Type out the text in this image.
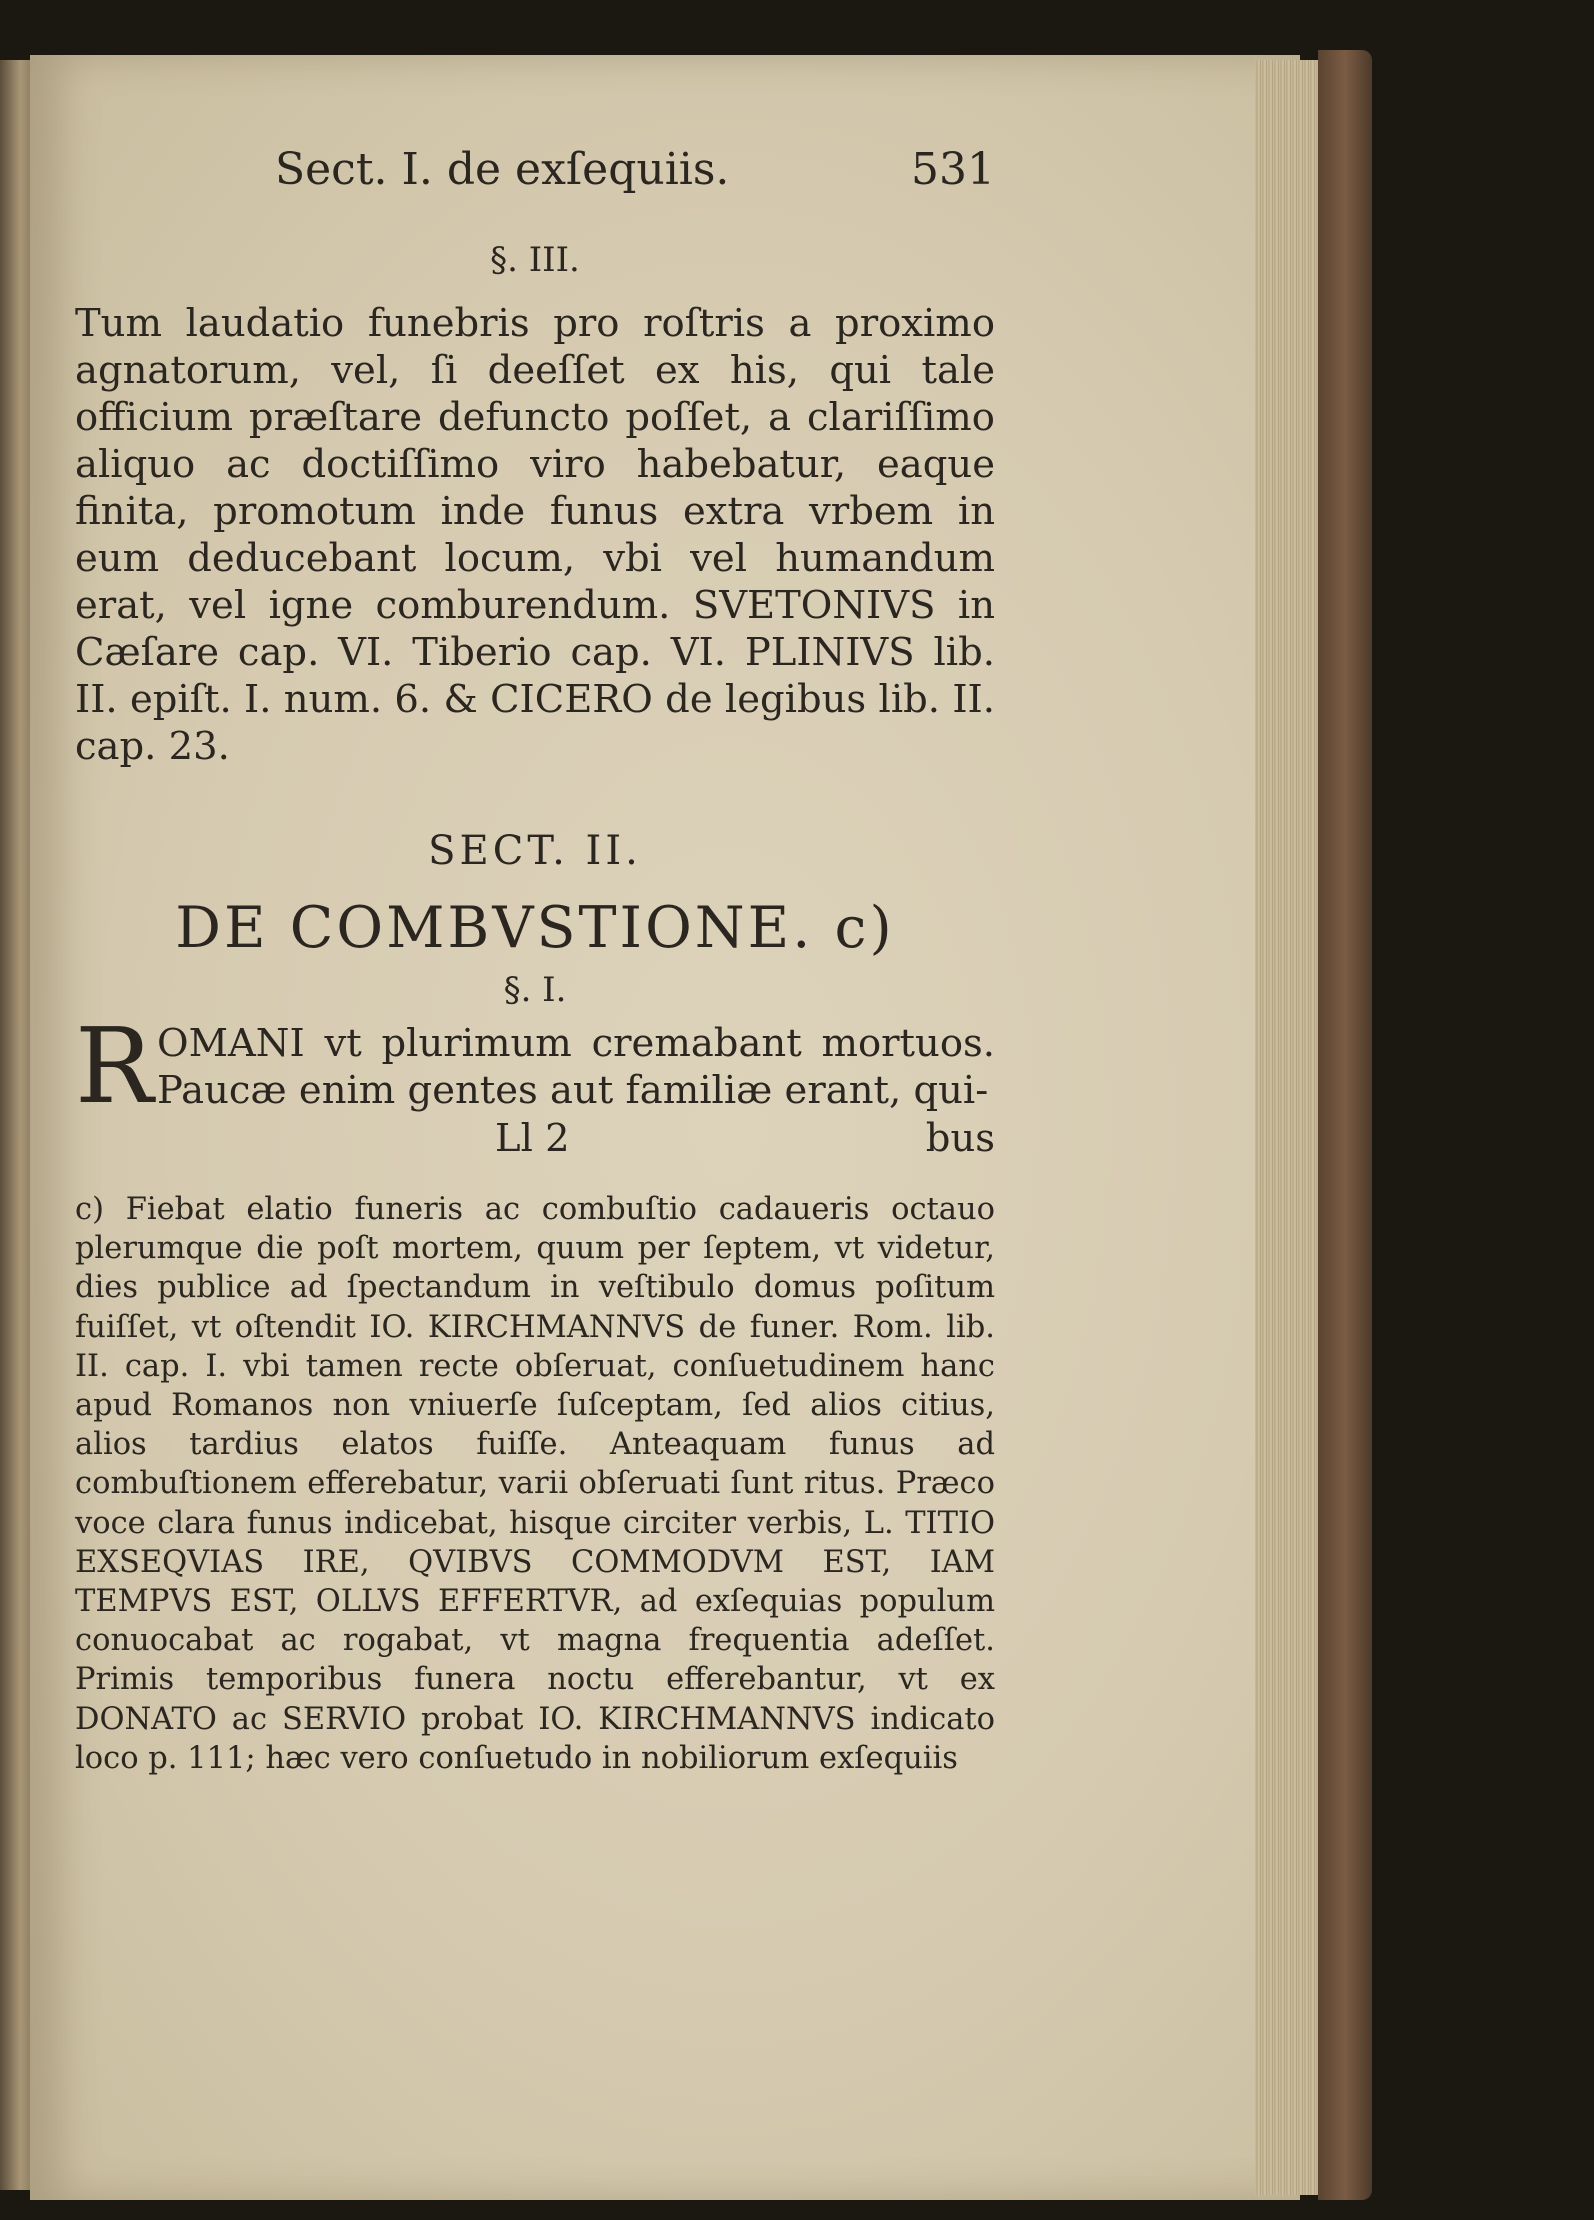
Sect. I. de exſequiis.	531
§. III.

Tum laudatio funebris pro roſtris a proximo agnatorum, vel, ſi deeſſet ex his, qui tale officium præſtare defuncto poſſet, a clariſſimo aliquo ac doctiſſimo viro habebatur, eaque finita, promotum inde funus extra vrbem in eum deducebant locum, vbi vel humandum erat, vel igne comburendum. SVETONIVS in Cæſare cap. VI. Tiberio cap. VI. PLINIVS lib. II. epiſt. I. num. 6. & CICERO de legibus lib. II. cap. 23.

SECT. II.
DE COMBVSTIONE. c)
§. I.
R OMANI vt plurimum cremabant mortuos. Paucæ enim gentes aut familiæ erant, qui-
Ll 2	bus

c) Fiebat elatio funeris ac combuſtio cadaueris octauo plerumque die poſt mortem, quum per ſeptem, vt videtur, dies publice ad ſpectandum in veſtibulo domus poſitum fuiſſet, vt oſtendit IO. KIRCHMANNVS de funer. Rom. lib. II. cap. I. vbi tamen recte obſeruat, conſuetudinem hanc apud Romanos non vniuerſe ſuſceptam, ſed alios citius, alios tardius elatos fuiſſe. Anteaquam funus ad combuſtionem efferebatur, varii obſeruati ſunt ritus. Præco voce clara funus indicebat, hisque circiter verbis, L. TITIO EXSEQVIAS IRE, QVIBVS COMMODVM EST, IAM TEMPVS EST, OLLVS EFFERTVR, ad exſequias populum conuocabat ac rogabat, vt magna frequentia adeſſet. Primis temporibus funera noctu efferebantur, vt ex DONATO ac SERVIO probat IO. KIRCHMANNVS indicato loco p. 111; hæc vero conſuetudo in nobiliorum exſequiis
